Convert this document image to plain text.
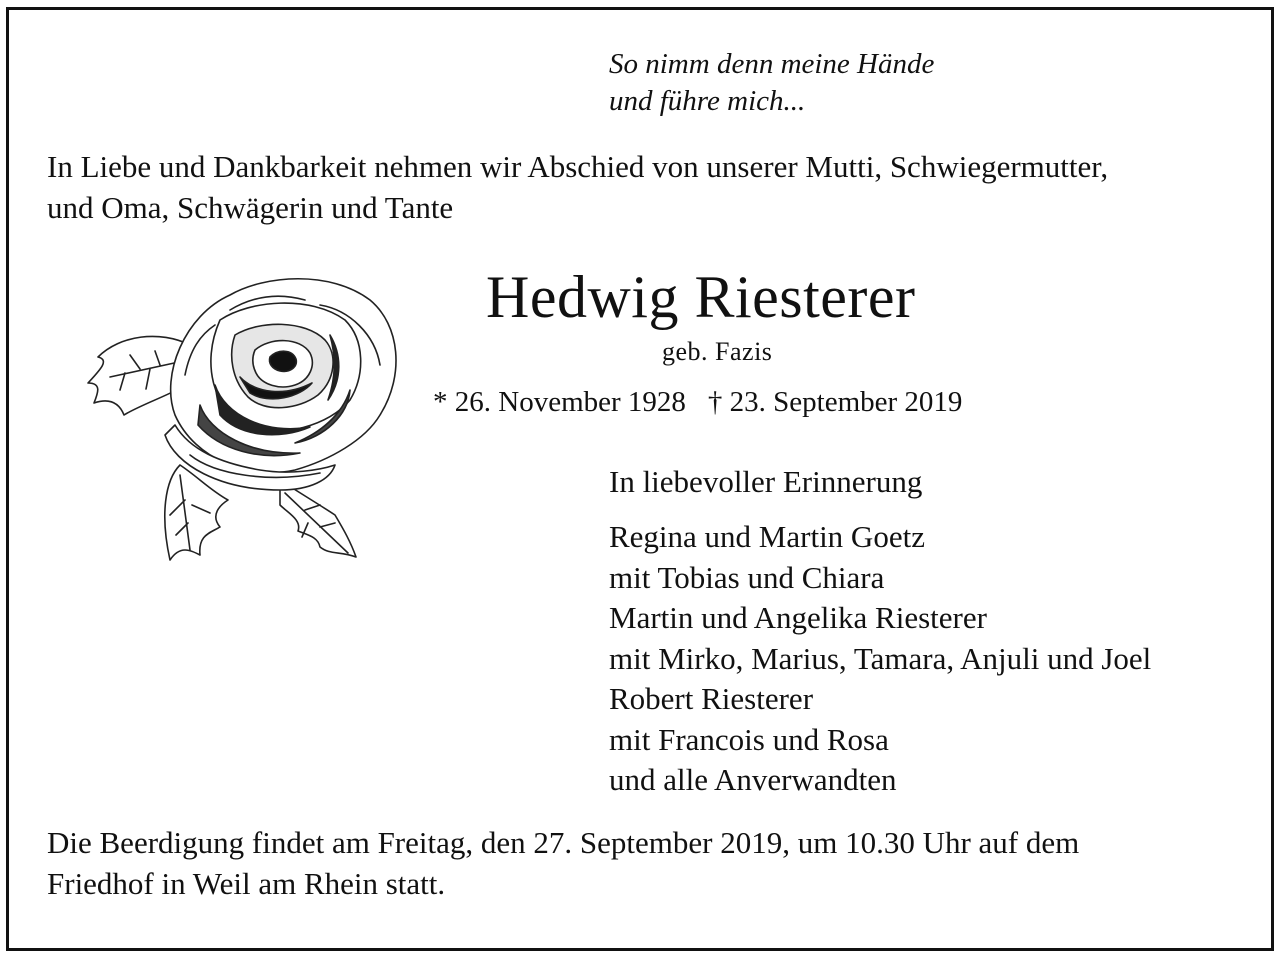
So nimm denn meine Hände
und führe mich...
In Liebe und Dankbarkeit nehmen wir Abschied von unserer Mutti, Schwiegermutter,
und Oma, Schwägerin und Tante
Hedwig Riesterer
geb. Fazis
* 26. November 1928 † 23. September 2019
In liebevoller Erinnerung
Regina und Martin Goetz
mit Tobias und Chiara
Martin und Angelika Riesterer
mit Mirko, Marius, Tamara, Anjuli und Joel
Robert Riesterer
mit Francois und Rosa
und alle Anverwandten
Die Beerdigung findet am Freitag, den 27. September 2019, um 10.30 Uhr auf dem
Friedhof in Weil am Rhein statt.
